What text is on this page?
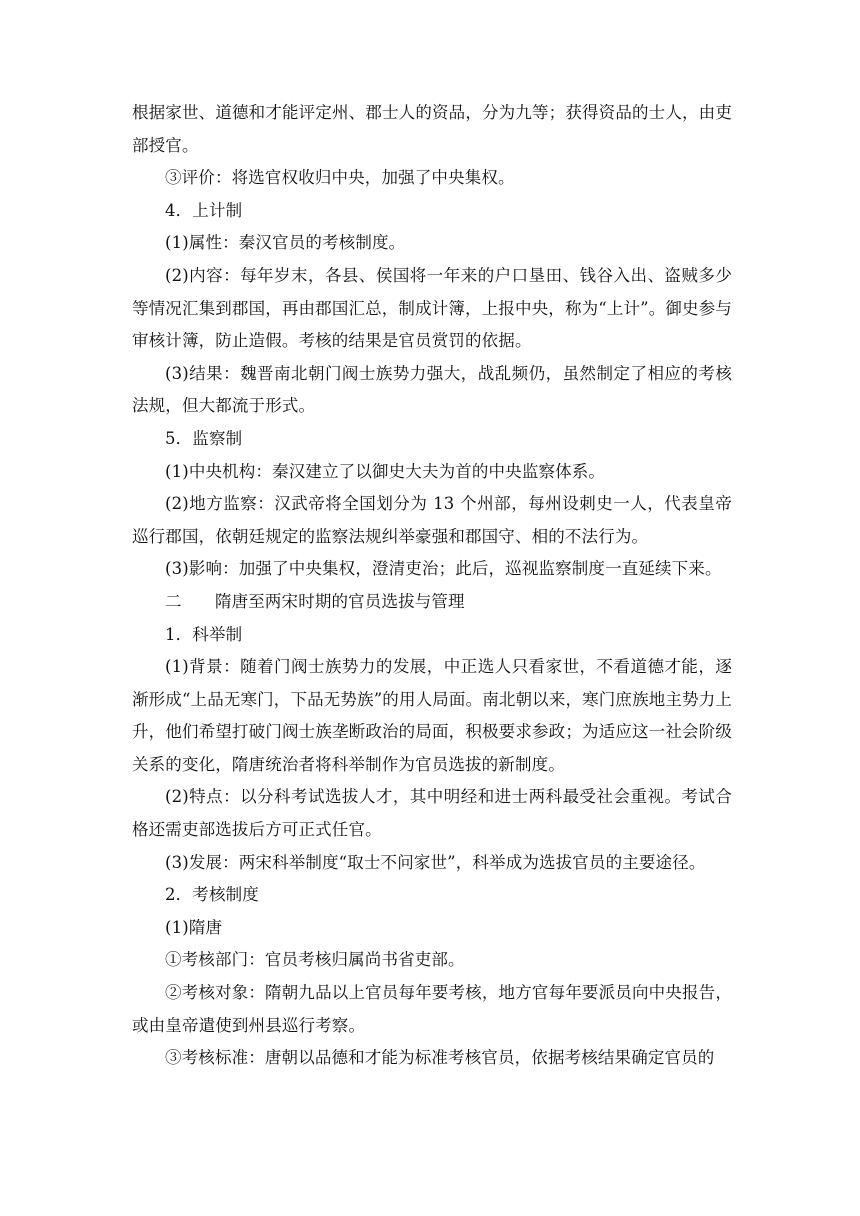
根据家世、道德和才能评定州、郡士人的资品，分为九等；获得资品的士人，由吏部授官。

③评价：将选官权收归中央，加强了中央集权。

4．上计制

(1)属性：秦汉官员的考核制度。

(2)内容：每年岁末，各县、侯国将一年来的户口垦田、钱谷入出、盗贼多少等情况汇集到郡国，再由郡国汇总，制成计簿，上报中央，称为“上计”。御史参与审核计簿，防止造假。考核的结果是官员赏罚的依据。

(3)结果：魏晋南北朝门阀士族势力强大，战乱频仍，虽然制定了相应的考核法规，但大都流于形式。

5．监察制

(1)中央机构：秦汉建立了以御史大夫为首的中央监察体系。

(2)地方监察：汉武帝将全国划分为 13 个州部，每州设刺史一人，代表皇帝巡行郡国，依朝廷规定的监察法规纠举豪强和郡国守、相的不法行为。

(3)影响：加强了中央集权，澄清吏治；此后，巡视监察制度一直延续下来。

二　　隋唐至两宋时期的官员选拔与管理

1．科举制

(1)背景：随着门阀士族势力的发展，中正选人只看家世，不看道德才能，逐渐形成“上品无寒门，下品无势族”的用人局面。南北朝以来，寒门庶族地主势力上升，他们希望打破门阀士族垄断政治的局面，积极要求参政；为适应这一社会阶级关系的变化，隋唐统治者将科举制作为官员选拔的新制度。

(2)特点：以分科考试选拔人才，其中明经和进士两科最受社会重视。考试合格还需吏部选拔后方可正式任官。

(3)发展：两宋科举制度“取士不问家世”，科举成为选拔官员的主要途径。

2．考核制度

(1)隋唐

①考核部门：官员考核归属尚书省吏部。

②考核对象：隋朝九品以上官员每年要考核，地方官每年要派员向中央报告，或由皇帝遣使到州县巡行考察。

③考核标准：唐朝以品德和才能为标准考核官员，依据考核结果确定官员的
